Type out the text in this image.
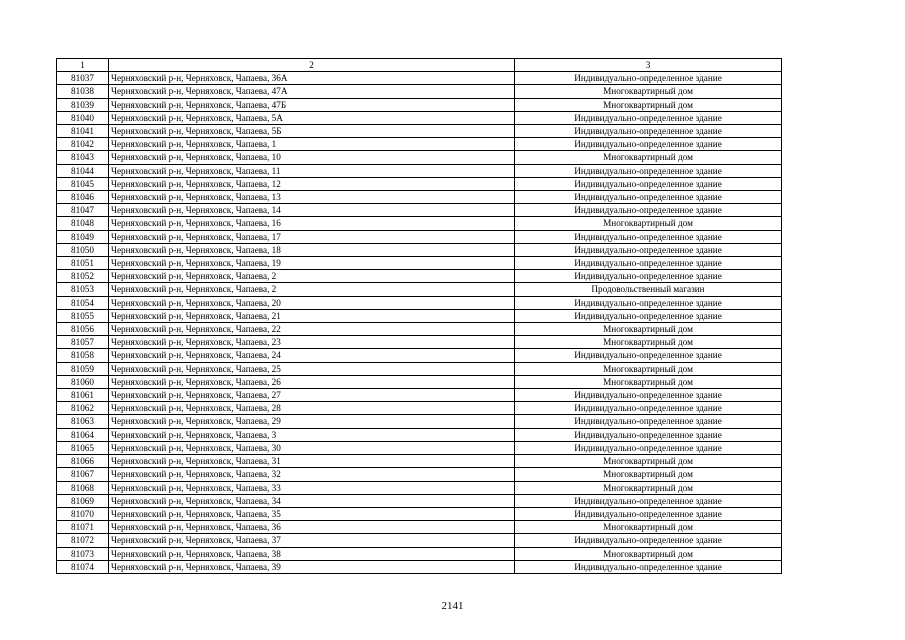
1	2	3
81037	Черняховский р-н, Черняховск, Чапаева, 36А	Индивидуально-определенное здание
81038	Черняховский р-н, Черняховск, Чапаева, 47А	Многоквартирный дом
81039	Черняховский р-н, Черняховск, Чапаева, 47Б	Многоквартирный дом
81040	Черняховский р-н, Черняховск, Чапаева, 5А	Индивидуально-определенное здание
81041	Черняховский р-н, Черняховск, Чапаева, 5Б	Индивидуально-определенное здание
81042	Черняховский р-н, Черняховск, Чапаева, 1	Индивидуально-определенное здание
81043	Черняховский р-н, Черняховск, Чапаева, 10	Многоквартирный дом
81044	Черняховский р-н, Черняховск, Чапаева, 11	Индивидуально-определенное здание
81045	Черняховский р-н, Черняховск, Чапаева, 12	Индивидуально-определенное здание
81046	Черняховский р-н, Черняховск, Чапаева, 13	Индивидуально-определенное здание
81047	Черняховский р-н, Черняховск, Чапаева, 14	Индивидуально-определенное здание
81048	Черняховский р-н, Черняховск, Чапаева, 16	Многоквартирный дом
81049	Черняховский р-н, Черняховск, Чапаева, 17	Индивидуально-определенное здание
81050	Черняховский р-н, Черняховск, Чапаева, 18	Индивидуально-определенное здание
81051	Черняховский р-н, Черняховск, Чапаева, 19	Индивидуально-определенное здание
81052	Черняховский р-н, Черняховск, Чапаева, 2	Индивидуально-определенное здание
81053	Черняховский р-н, Черняховск, Чапаева, 2	Продовольственный магазин
81054	Черняховский р-н, Черняховск, Чапаева, 20	Индивидуально-определенное здание
81055	Черняховский р-н, Черняховск, Чапаева, 21	Индивидуально-определенное здание
81056	Черняховский р-н, Черняховск, Чапаева, 22	Многоквартирный дом
81057	Черняховский р-н, Черняховск, Чапаева, 23	Многоквартирный дом
81058	Черняховский р-н, Черняховск, Чапаева, 24	Индивидуально-определенное здание
81059	Черняховский р-н, Черняховск, Чапаева, 25	Многоквартирный дом
81060	Черняховский р-н, Черняховск, Чапаева, 26	Многоквартирный дом
81061	Черняховский р-н, Черняховск, Чапаева, 27	Индивидуально-определенное здание
81062	Черняховский р-н, Черняховск, Чапаева, 28	Индивидуально-определенное здание
81063	Черняховский р-н, Черняховск, Чапаева, 29	Индивидуально-определенное здание
81064	Черняховский р-н, Черняховск, Чапаева, 3	Индивидуально-определенное здание
81065	Черняховский р-н, Черняховск, Чапаева, 30	Индивидуально-определенное здание
81066	Черняховский р-н, Черняховск, Чапаева, 31	Многоквартирный дом
81067	Черняховский р-н, Черняховск, Чапаева, 32	Многоквартирный дом
81068	Черняховский р-н, Черняховск, Чапаева, 33	Многоквартирный дом
81069	Черняховский р-н, Черняховск, Чапаева, 34	Индивидуально-определенное здание
81070	Черняховский р-н, Черняховск, Чапаева, 35	Индивидуально-определенное здание
81071	Черняховский р-н, Черняховск, Чапаева, 36	Многоквартирный дом
81072	Черняховский р-н, Черняховск, Чапаева, 37	Индивидуально-определенное здание
81073	Черняховский р-н, Черняховск, Чапаева, 38	Многоквартирный дом
81074	Черняховский р-н, Черняховск, Чапаева, 39	Индивидуально-определенное здание
2141
